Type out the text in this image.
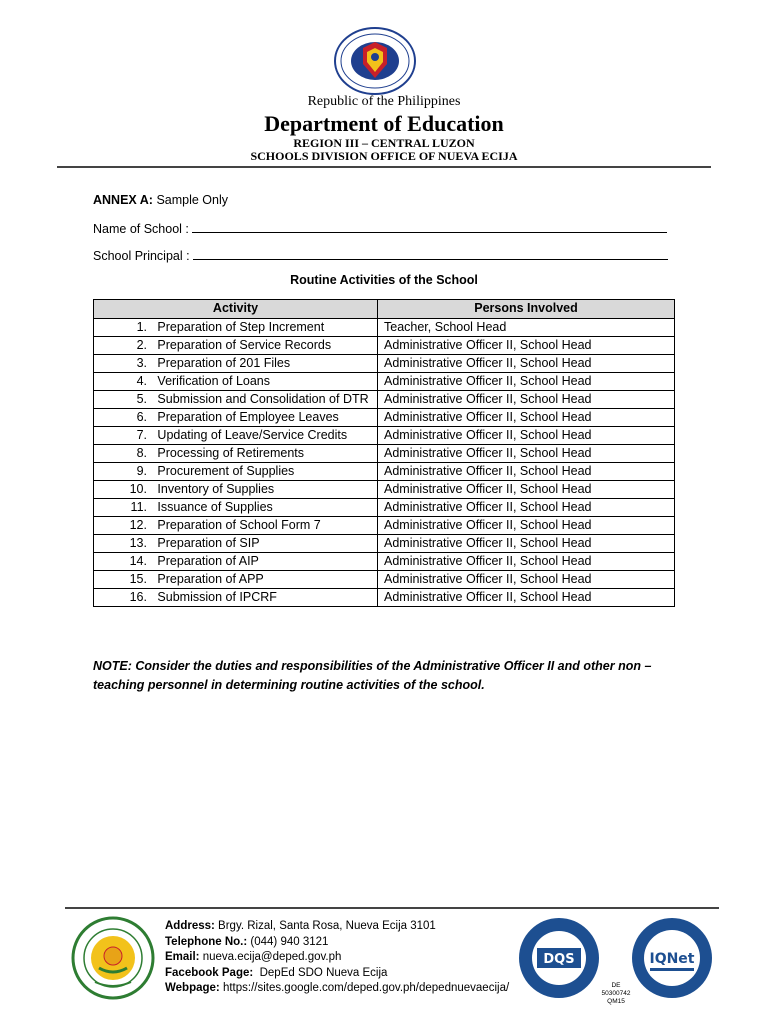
Republic of the Philippines
Department of Education
REGION III – CENTRAL LUZON
SCHOOLS DIVISION OFFICE OF NUEVA ECIJA
ANNEX A: Sample Only
Name of School :
School Principal :
Routine Activities of the School
Activity	Persons Involved
1. Preparation of Step Increment	Teacher, School Head
2. Preparation of Service Records	Administrative Officer II, School Head
3. Preparation of 201 Files	Administrative Officer II, School Head
4. Verification of Loans	Administrative Officer II, School Head
5. Submission and Consolidation of DTR	Administrative Officer II, School Head
6. Preparation of Employee Leaves	Administrative Officer II, School Head
7. Updating of Leave/Service Credits	Administrative Officer II, School Head
8. Processing of Retirements	Administrative Officer II, School Head
9. Procurement of Supplies	Administrative Officer II, School Head
10. Inventory of Supplies	Administrative Officer II, School Head
11. Issuance of Supplies	Administrative Officer II, School Head
12. Preparation of School Form 7	Administrative Officer II, School Head
13. Preparation of SIP	Administrative Officer II, School Head
14. Preparation of AIP	Administrative Officer II, School Head
15. Preparation of APP	Administrative Officer II, School Head
16. Submission of IPCRF	Administrative Officer II, School Head
NOTE: Consider the duties and responsibilities of the Administrative Officer II and other non – teaching personnel in determining routine activities of the school.
Address: Brgy. Rizal, Santa Rosa, Nueva Ecija 3101
Telephone No.: (044) 940 3121
Email: nueva.ecija@deped.gov.ph
Facebook Page:  DepEd SDO Nueva Ecija
Webpage: https://sites.google.com/deped.gov.ph/depednuevaecija/
DQS	IQNet
DE 50300742
QM15
